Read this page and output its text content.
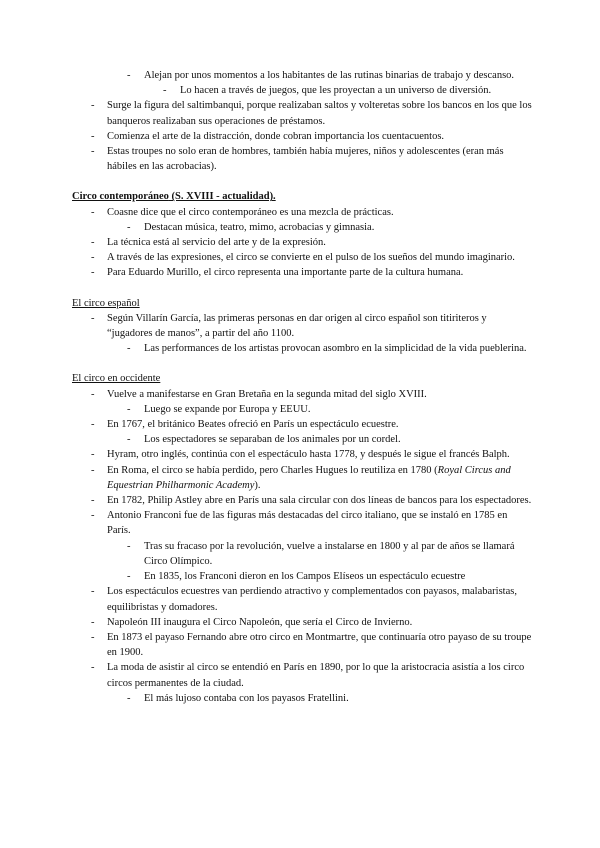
- Alejan por unos momentos a los habitantes de las rutinas binarias de trabajo y descanso.
- Lo hacen a través de juegos, que les proyectan a un universo de diversión.
- Surge la figura del saltimbanqui, porque realizaban saltos y volteretas sobre los bancos en los que los banqueros realizaban sus operaciones de préstamos.
- Comienza el arte de la distracción, donde cobran importancia los cuentacuentos.
- Estas troupes no solo eran de hombres, también había mujeres, niños y adolescentes (eran más hábiles en las acrobacias).
Circo contemporáneo (S. XVIII - actualidad).
- Coasne dice que el circo contemporáneo es una mezcla de prácticas.
- Destacan música, teatro, mimo, acrobacias y gimnasia.
- La técnica está al servicio del arte y de la expresión.
- A través de las expresiones, el circo se convierte en el pulso de los sueños del mundo imaginario.
- Para Eduardo Murillo, el circo representa una importante parte de la cultura humana.
El circo español
- Según Villarín García, las primeras personas en dar origen al circo español son titiriteros y “jugadores de manos”, a partir del año 1100.
- Las performances de los artistas provocan asombro en la simplicidad de la vida pueblerina.
El circo en occidente
- Vuelve a manifestarse en Gran Bretaña en la segunda mitad del siglo XVIII.
- Luego se expande por Europa y EEUU.
- En 1767, el británico Beates ofreció en París un espectáculo ecuestre.
- Los espectadores se separaban de los animales por un cordel.
- Hyram, otro inglés, continúa con el espectáculo hasta 1778, y después le sigue el francés Balph.
- En Roma, el circo se había perdido, pero Charles Hugues lo reutiliza en 1780 (Royal Circus and Equestrian Philharmonic Academy).
- En 1782, Philip Astley abre en París una sala circular con dos líneas de bancos para los espectadores.
- Antonio Franconi fue de las figuras más destacadas del circo italiano, que se instaló en 1785 en París.
- Tras su fracaso por la revolución, vuelve a instalarse en 1800 y al par de años se llamará Circo Olímpico.
- En 1835, los Franconi dieron en los Campos Elíseos un espectáculo ecuestre
- Los espectáculos ecuestres van perdiendo atractivo y complementados con payasos, malabaristas, equilibristas y domadores.
- Napoleón III inaugura el Circo Napoleón, que sería el Circo de Invierno.
- En 1873 el payaso Fernando abre otro circo en Montmartre, que continuaría otro payaso de su troupe en 1900.
- La moda de asistir al circo se entendió en París en 1890, por lo que la aristocracia asistía a los circo circos permanentes de la ciudad.
- El más lujoso contaba con los payasos Fratellini.
